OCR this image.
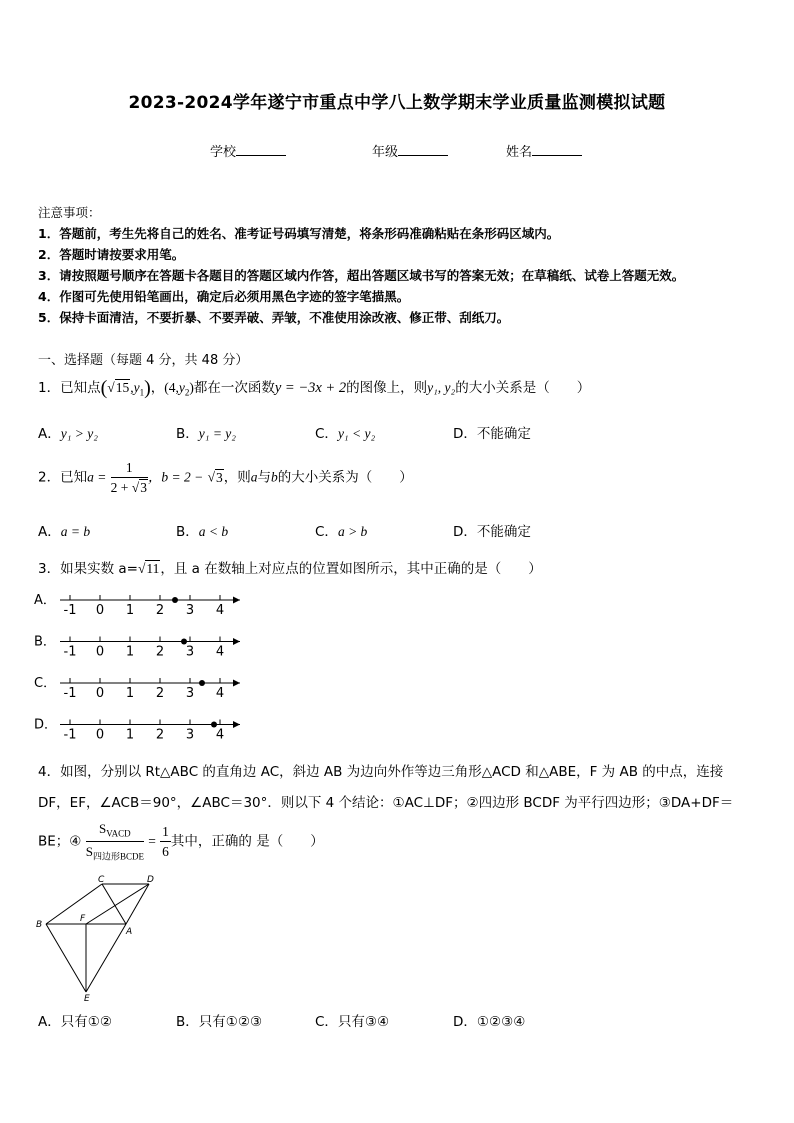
2023-2024学年遂宁市重点中学八上数学期末学业质量监测模拟试题
学校	年级	姓名
注意事项：
1．答题前，考生先将自己的姓名、准考证号码填写清楚，将条形码准确粘贴在条形码区域内。
2．答题时请按要求用笔。
3．请按照题号顺序在答题卡各题目的答题区域内作答，超出答题区域书写的答案无效；在草稿纸、试卷上答题无效。
4．作图可先使用铅笔画出，确定后必须用黑色字迹的签字笔描黑。
5．保持卡面清洁，不要折暴、不要弄破、弄皱，不准使用涂改液、修正带、刮纸刀。
一、选择题（每题 4 分，共 48 分）
1．已知点$(√15,y_1)$，$(4,y_2)$都在一次函数y = −3x + 2的图像上，则y₁, y₂的大小关系是（　　）
A．y₁ > y₂	B．y₁ = y₂	C．y₁ < y₂	D．不能确定
2．已知$a = \frac{1}{2 + √3}$ ，b = 2 − √3，则a与b的大小关系为（　　）
A．a = b	B．a < b	C．a > b	D．不能确定
3．如果实数 a=√11，且 a 在数轴上对应点的位置如图所示，其中正确的是（　　）
A．
-1 0 1 2 3 4
B．
-1 0 1 2 3 4
C．
-1 0 1 2 3 4
D．
-1 0 1 2 3 4
4．如图，分别以 Rt△ABC 的直角边 AC，斜边 AB 为边向外作等边三角形△ACD 和△ABE，F 为 AB 的中点，连接
DF，EF，∠ACB＝90°，∠ABC＝30°．则以下 4 个结论：①AC⊥DF；②四边形 BCDF 为平行四边形；③DA+DF＝
BE；④ $\frac{S_{VACD}}{S_{四边形BCDE}} = \frac{1}{6}$ 其中，正确的 是（　　）
B
C	D
F
A
E
A．只有①②	B．只有①②③	C．只有③④	D．①②③④
